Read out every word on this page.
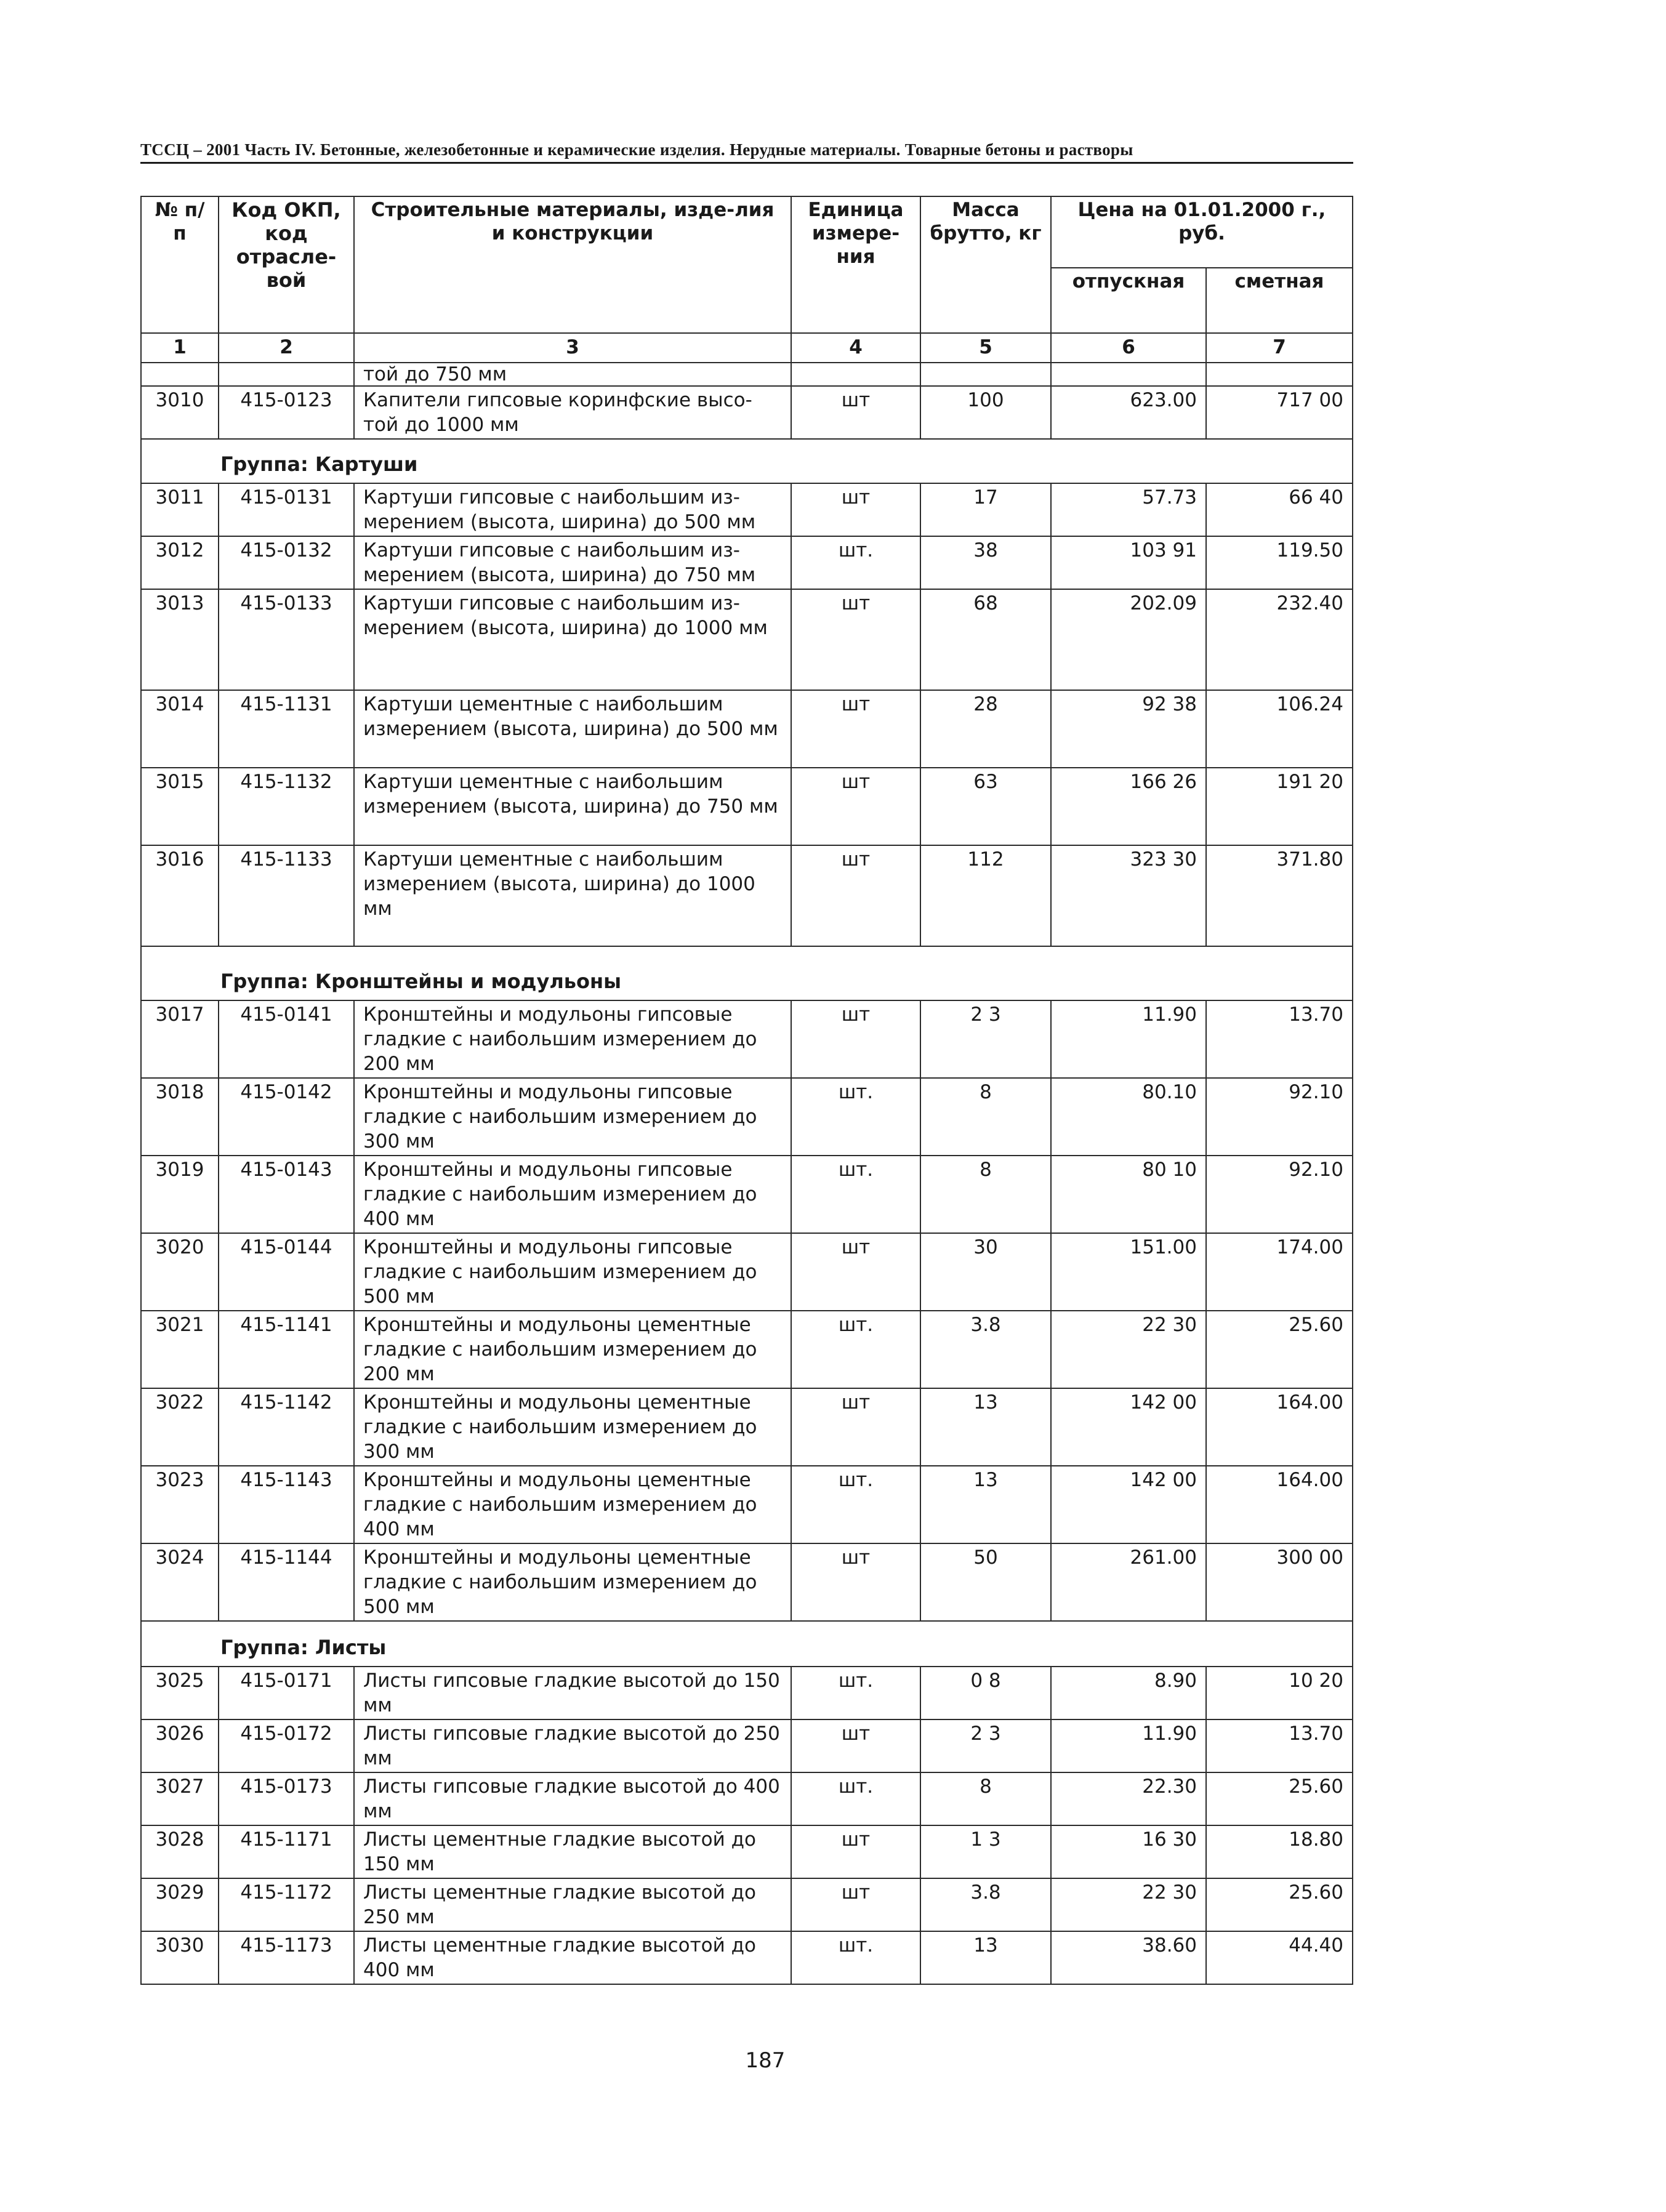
ТССЦ – 2001 Часть IV. Бетонные, железобетонные и керамические изделия. Нерудные материалы. Товарные бетоны и растворы
№ п/п	Код ОКП, код отрасле-вой	Строительные материалы, изде-лия и конструкции	Единица измере-ния	Масса брутто, кг	Цена на 01.01.2000 г., руб.	
					отпускная	сметная
1	2	3	4	5	6	7
		той до 750 мм				
3010	415-0123	Капители гипсовые коринфские высо-той до 1000 мм	шт	100	623.00	717 00
Группа: Картуши						
3011	415-0131	Картуши гипсовые с наибольшим из-мерением (высота, ширина) до 500 мм	шт	17	57.73	66 40
3012	415-0132	Картуши гипсовые с наибольшим из-мерением (высота, ширина) до 750 мм	шт.	38	103 91	119.50
3013	415-0133	Картуши гипсовые с наибольшим из-мерением (высота, ширина) до 1000 мм	шт	68	202.09	232.40
3014	415-1131	Картуши цементные с наибольшим измерением (высота, ширина) до 500 мм	шт	28	92 38	106.24
3015	415-1132	Картуши цементные с наибольшим измерением (высота, ширина) до 750 мм	шт	63	166 26	191 20
3016	415-1133	Картуши цементные с наибольшим измерением (высота, ширина) до 1000 мм	шт	112	323 30	371.80
Группа: Кронштейны и модульоны						
3017	415-0141	Кронштейны и модульоны гипсовые гладкие с наибольшим измерением до 200 мм	шт	2 3	11.90	13.70
3018	415-0142	Кронштейны и модульоны гипсовые гладкие с наибольшим измерением до 300 мм	шт.	8	80.10	92.10
3019	415-0143	Кронштейны и модульоны гипсовые гладкие с наибольшим измерением до 400 мм	шт.	8	80 10	92.10
3020	415-0144	Кронштейны и модульоны гипсовые гладкие с наибольшим измерением до 500 мм	шт	30	151.00	174.00
3021	415-1141	Кронштейны и модульоны цементные гладкие с наибольшим измерением до 200 мм	шт.	3.8	22 30	25.60
3022	415-1142	Кронштейны и модульоны цементные гладкие с наибольшим измерением до 300 мм	шт	13	142 00	164.00
3023	415-1143	Кронштейны и модульоны цементные гладкие с наибольшим измерением до 400 мм	шт.	13	142 00	164.00
3024	415-1144	Кронштейны и модульоны цементные гладкие с наибольшим измерением до 500 мм	шт	50	261.00	300 00
Группа: Листы						
3025	415-0171	Листы гипсовые гладкие высотой до 150 мм	шт.	0 8	8.90	10 20
3026	415-0172	Листы гипсовые гладкие высотой до 250 мм	шт	2 3	11.90	13.70
3027	415-0173	Листы гипсовые гладкие высотой до 400 мм	шт.	8	22.30	25.60
3028	415-1171	Листы цементные гладкие высотой до 150 мм	шт	1 3	16 30	18.80
3029	415-1172	Листы цементные гладкие высотой до 250 мм	шт	3.8	22 30	25.60
3030	415-1173	Листы цементные гладкие высотой до 400 мм	шт.	13	38.60	44.40
187
